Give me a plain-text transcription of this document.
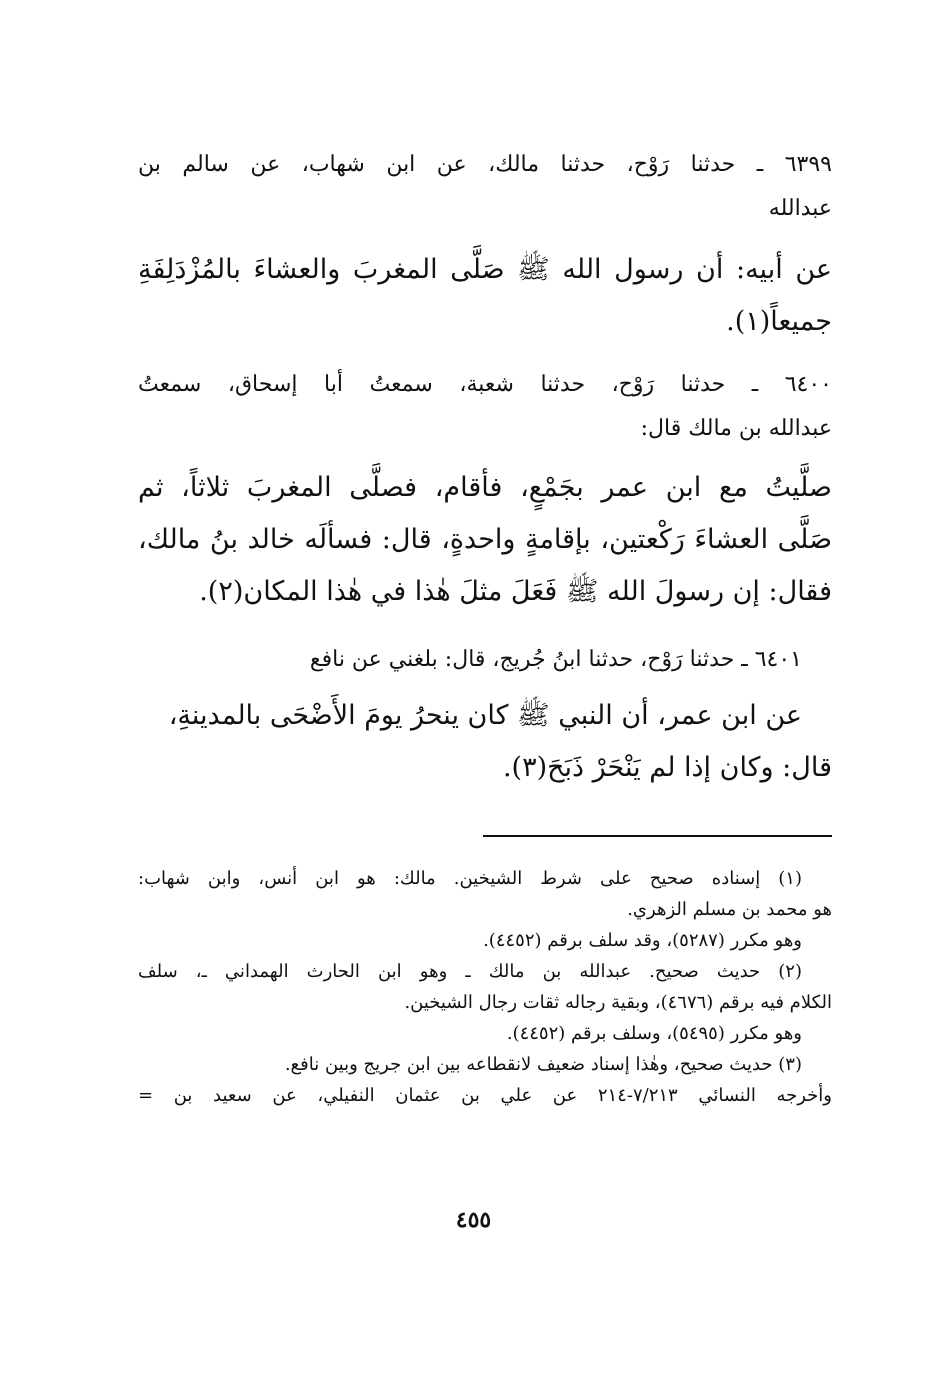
٦٣٩٩ ـ حدثنا رَوْح، حدثنا مالك، عن ابن شهاب، عن سالم بن
عبدالله
عن أبيه: أن رسول الله ﷺ صَلَّى المغربَ والعشاءَ بالمُزْدَلِفَةِ
جميعاً(١).
٦٤٠٠ ـ حدثنا رَوْح، حدثنا شعبة، سمعتُ أبا إسحاق، سمعتُ
عبدالله بن مالك قال:
صلَّيتُ مع ابن عمر بجَمْعٍ، فأقام، فصلَّى المغربَ ثلاثاً، ثم
صَلَّى العشاءَ رَكْعتين، بإقامةٍ واحدةٍ، قال: فسألَه خالد بنُ مالك،
فقال: إن رسولَ الله ﷺ فَعَلَ مثلَ هٰذا في هٰذا المكان(٢).
٦٤٠١ ـ حدثنا رَوْح، حدثنا ابنُ جُريج، قال: بلغني عن نافع
عن ابن عمر، أن النبي ﷺ كان ينحرُ يومَ الأَضْحَى بالمدينةِ،
قال: وكان إذا لم يَنْحَرْ ذَبَحَ(٣).
(١) إسناده صحيح على شرط الشيخين. مالك: هو ابن أنس، وابن شهاب:
هو محمد بن مسلم الزهري.
وهو مكرر (٥٢٨٧)، وقد سلف برقم (٤٤٥٢).
(٢) حديث صحيح. عبدالله بن مالك ـ وهو ابن الحارث الهمداني ـ، سلف
الكلام فيه برقم (٤٦٧٦)، وبقية رجاله ثقات رجال الشيخين.
وهو مكرر (٥٤٩٥)، وسلف برقم (٤٤٥٢).
(٣) حديث صحيح، وهٰذا إسناد ضعيف لانقطاعه بين ابن جريج وبين نافع.
وأخرجه النسائي ٧/٢١٣-٢١٤ عن علي بن عثمان النفيلي، عن سعيد بن =
٤٥٥
